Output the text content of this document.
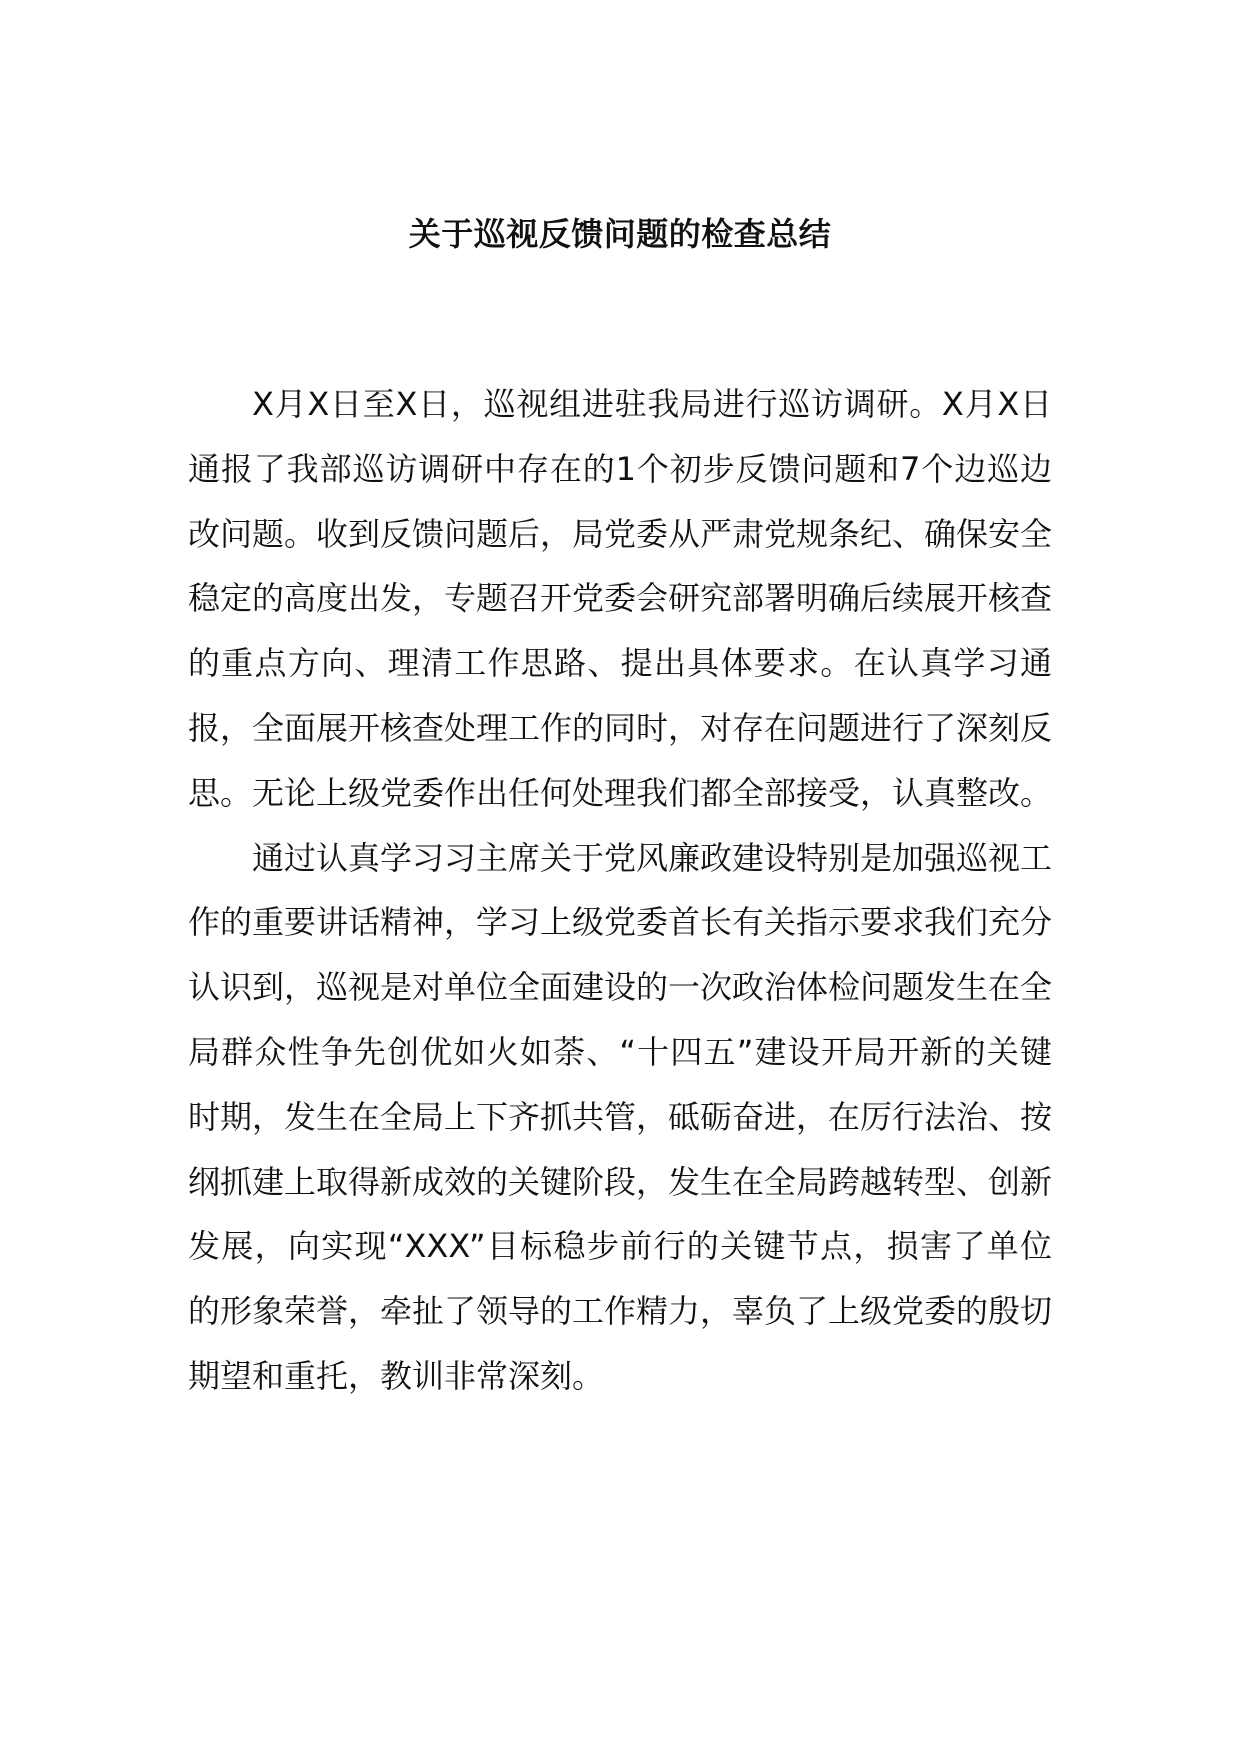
关于巡视反馈问题的检查总结

X月X日至X日，巡视组进驻我局进行巡访调研。X月X日通报了我部巡访调研中存在的1个初步反馈问题和7个边巡边改问题。收到反馈问题后，局党委从严肃党规条纪、确保安全稳定的高度出发，专题召开党委会研究部署明确后续展开核查的重点方向、理清工作思路、提出具体要求。在认真学习通报，全面展开核查处理工作的同时，对存在问题进行了深刻反思。无论上级党委作出任何处理我们都全部接受，认真整改。

通过认真学习习主席关于党风廉政建设特别是加强巡视工作的重要讲话精神，学习上级党委首长有关指示要求我们充分认识到，巡视是对单位全面建设的一次政治体检问题发生在全局群众性争先创优如火如荼、“十四五”建设开局开新的关键时期，发生在全局上下齐抓共管，砥砺奋进，在厉行法治、按纲抓建上取得新成效的关键阶段，发生在全局跨越转型、创新发展，向实现“XXX”目标稳步前行的关键节点，损害了单位的形象荣誉，牵扯了领导的工作精力，辜负了上级党委的殷切期望和重托，教训非常深刻。
